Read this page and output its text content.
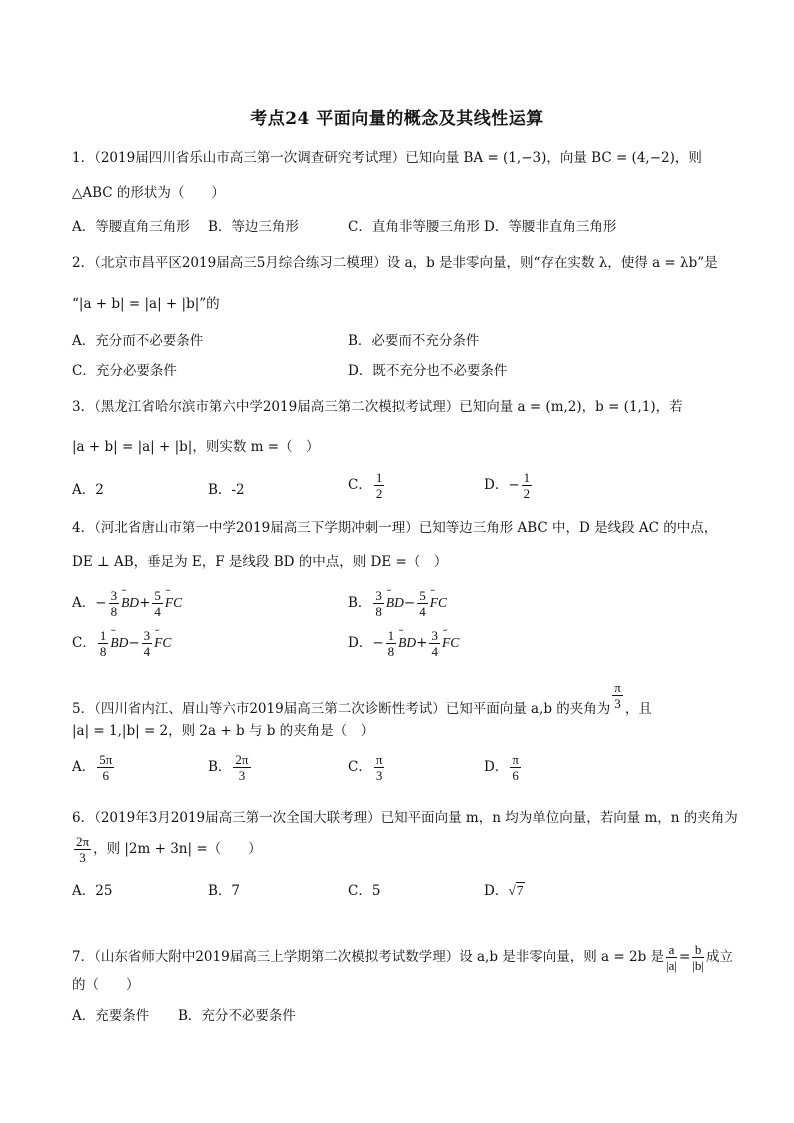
考点24 平面向量的概念及其线性运算
1．（2019届四川省乐山市高三第一次调查研究考试理）已知向量 BA = (1,−3)，向量 BC = (4,−2)，则
△ABC 的形状为（　　）
A．等腰直角三角形 B．等边三角形	C．直角非等腰三角形 D．等腰非直角三角形
2．（北京市昌平区2019届高三5月综合练习二模理）设 a，b 是非零向量，则“存在实数 λ，使得 a = λb”是
“|a + b| = |a| + |b|”的
A．充分而不必要条件	B．必要而不充分条件
C．充分必要条件	D．既不充分也不必要条件
3．（黑龙江省哈尔滨市第六中学2019届高三第二次模拟考试理）已知向量 a = (m,2)，b = (1,1)，若
|a + b| = |a| + |b|，则实数 m =（　）
A．2	B．-2	C． $\frac{1}{2}$	D．− $\frac{1}{2}$
4．（河北省唐山市第一中学2019届高三下学期冲刺一理）已知等边三角形 ABC 中，D 是线段 AC 的中点，
DE ⊥ AB，垂足为 E，F 是线段 BD 的中点，则 DE =（　）
A．− $\frac{3}{8}$ ˇˇ $BD+ \frac{5}{4}$ ˇˇ FC	B． $\frac{3}{8}$ ˇˇ $BD- \frac{5}{4}$ ˇˇ FC
C． $\frac{1}{8}$ ˇˇ $BD- \frac{3}{4}$ ˇˇ FC	D．− $\frac{1}{8}$ ˇˇ $BD+ \frac{3}{4}$ ˇˇ FC
5．（四川省内江、眉山等六市2019届高三第二次诊断性考试）已知平面向量 a,b 的夹角为 $\frac{\pi}{3}$ ，且
|a| = 1,|b| = 2，则 2a + b 与 b 的夹角是（　）
A． $\frac{5\pi}{6}$	B． $\frac{2\pi}{3}$	C． $\frac{\pi}{3}$	D． $\frac{\pi}{6}$
6．（2019年3月2019届高三第一次全国大联考理）已知平面向量 m，n 均为单位向量，若向量 m，n 的夹角为
$\frac{2\pi}{3}$ ，则 |2m + 3n| =（　　）
A．25	B．7	C．5	D．√7
7．（山东省师大附中2019届高三上学期第二次模拟考试数学理）设 a,b 是非零向量，则 a = 2b 是 $\frac{a}{|a|} = \frac{b}{|b|}$ 成立
的（　　）
A．充要条件 B．充分不必要条件
